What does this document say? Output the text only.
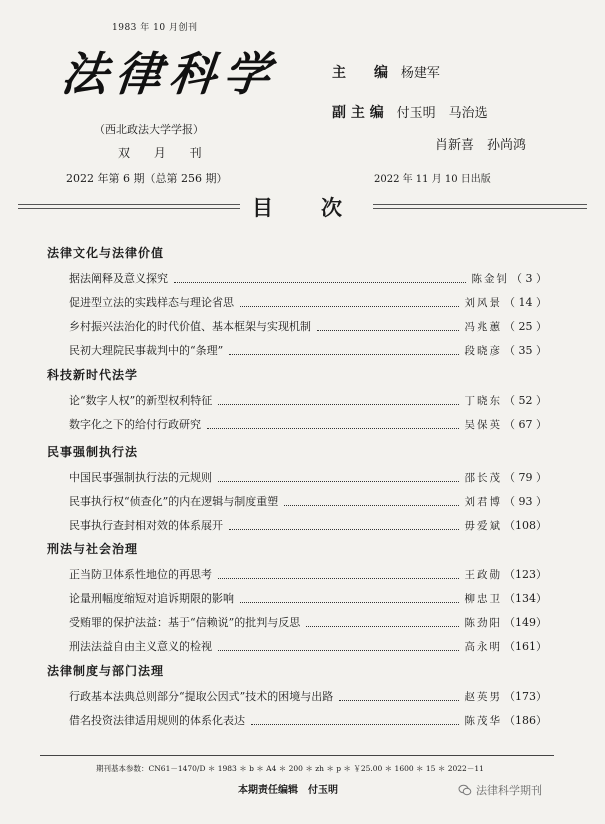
1983 年 10 月创刊
法律科学
（西北政法大学学报）
双 月 刊
2022 年第 6 期（总第 256 期）
主　　编 杨建军
副 主 编 付玉明　马治选
肖新喜　孙尚鸿
2022 年 11 月 10 日出版
目次
法律文化与法律价值
据法阐释及意义探究	陈金钊 （ 3 ）
促进型立法的实践样态与理论省思	刘风景 （ 14 ）
乡村振兴法治化的时代价值、基本框架与实现机制	冯兆蕙 （ 25 ）
民初大理院民事裁判中的“条理”	段晓彦 （ 35 ）
科技新时代法学
论“数字人权”的新型权利特征	丁晓东 （ 52 ）
数字化之下的给付行政研究	吴保英 （ 67 ）
民事强制执行法
中国民事强制执行法的元规则	邵长茂 （ 79 ）
民事执行权“侦查化”的内在逻辑与制度重塑	刘君博 （ 93 ）
民事执行查封相对效的体系展开	毋爱斌 （108）
刑法与社会治理
正当防卫体系性地位的再思考	王政勋 （123）
论量刑幅度缩短对追诉期限的影响	柳忠卫 （134）
受贿罪的保护法益：基于“信赖说”的批判与反思	陈劲阳 （149）
刑法法益自由主义意义的检视	高永明 （161）
法律制度与部门法理
行政基本法典总则部分“提取公因式”技术的困境与出路	赵英男 （173）
借名投资法律适用规则的体系化表达	陈茂华 （186）
期刊基本参数：CN61－1470/D ＊ 1983 ＊ b ＊ A4 ＊ 200 ＊ zh ＊ p ＊ ￥25.00 ＊ 1600 ＊ 15 ＊ 2022－11
本期责任编辑　付玉明	法律科学期刊
